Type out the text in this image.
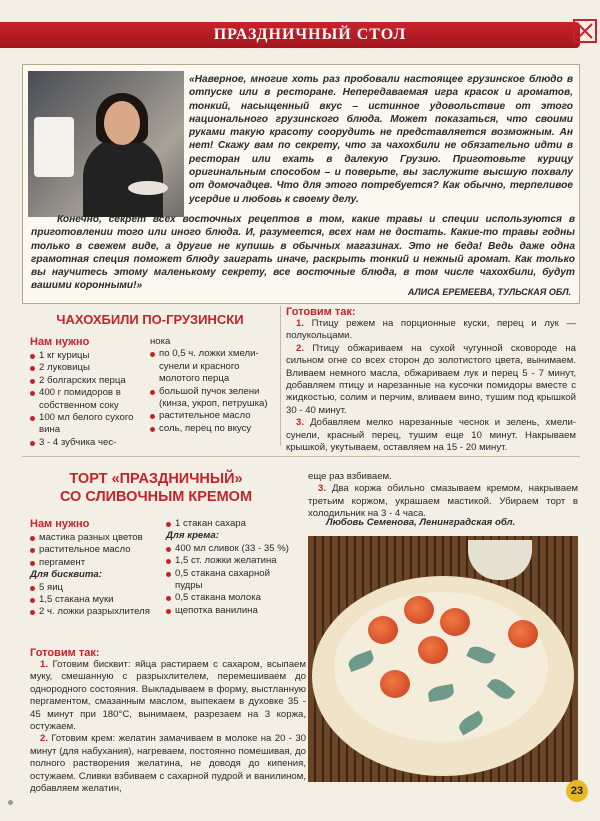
ПРАЗДНИЧНЫЙ СТОЛ
«Наверное, многие хоть раз пробовали настоящее грузинское блюдо в отпуске или в ресторане. Непередаваемая игра красок и ароматов, тонкий, насыщенный вкус – истинное удовольствие от этого национального грузинского блюда. Может показаться, что своими руками такую красоту соорудить не представляется возможным. Ан нет! Скажу вам по секрету, что за чахохбили не обязательно идти в ресторан или ехать в далекую Грузию. Приготовьте курицу оригинальным способом – и поверьте, вы заслужите высшую похвалу от домочадцев. Что для этого потребуется? Как обычно, терпеливое усердие и любовь к своему делу.
Конечно, секрет всех восточных рецептов в том, какие травы и специи используются в приготовлении того или иного блюда. И, разумеется, всех нам не достать. Какие-то травы годны только в свежем виде, а другие не купишь в обычных магазинах. Это не беда! Ведь даже одна грамотная специя поможет блюду заиграть иначе, раскрыть тонкий и нежный аромат. Как только вы научитесь этому маленькому секрету, все восточные блюда, в том числе чахохбили, будут вашими коронными!»
АЛИСА ЕРЕМЕЕВА, ТУЛЬСКАЯ ОБЛ.
ЧАХОХБИЛИ ПО-ГРУЗИНСКИ
Нам нужно
1 кг курицы
2 луковицы
2 болгарских перца
400 г помидоров в собственном соку
100 мл белого сухого вина
3 - 4 зубчика чес-
нока
по 0,5 ч. ложки хмели-сунели и красного молотого перца
большой пучок зелени (кинза, укроп, петрушка)
растительное масло
соль, перец по вкусу
Готовим так:

1. Птицу режем на порционные куски, перец и лук — полукольцами.

2. Птицу обжариваем на сухой чугунной сковороде на сильном огне со всех сторон до золотистого цвета, вынимаем. Вливаем немного масла, обжариваем лук и перец 5 - 7 минут, добавляем птицу и нарезанные на кусочки помидоры вместе с жидкостью, солим и перчим, вливаем вино, тушим под крышкой 30 - 40 минут.

3. Добавляем мелко нарезанные чеснок и зелень, хмели-сунели, красный перец, тушим еще 10 минут. Накрываем крышкой, укутываем, оставляем на 15 - 20 минут.

ТОРТ «ПРАЗДНИЧНЫЙ»
СО СЛИВОЧНЫМ КРЕМОМ
Нам нужно
мастика разных цветов
растительное масло
пергамент
Для бисквита:
5 яиц
1,5 стакана муки
2 ч. ложки разрыхлителя
1 стакан сахара
Для крема:
400 мл сливок (33 - 35 %)
1,5 ст. ложки желатина
0,5 стакана сахарной пудры
0,5 стакана молока
щепотка ванилина

еще раз взбиваем.

3. Два коржа обильно смазываем кремом, накрываем третьим коржом, украшаем мастикой. Убираем торт в холодильник на 3 - 4 часа.

Любовь Семенова, Ленинградская обл.
Готовим так:

1. Готовим бисквит: яйца растираем с сахаром, всыпаем муку, смешанную с разрыхлителем, перемешиваем до однородного состояния. Выкладываем в форму, выстланную пергаментом, смазанным маслом, выпекаем в духовке 35 - 45 минут при 180°С, вынимаем, разрезаем на 3 коржа, остужаем.

2. Готовим крем: желатин замачиваем в молоке на 20 - 30 минут (для набухания), нагреваем, постоянно помешивая, до полного растворения желатина, не доводя до кипения, остужаем. Сливки взбиваем с сахарной пудрой и ванилином, добавляем желатин,	23
